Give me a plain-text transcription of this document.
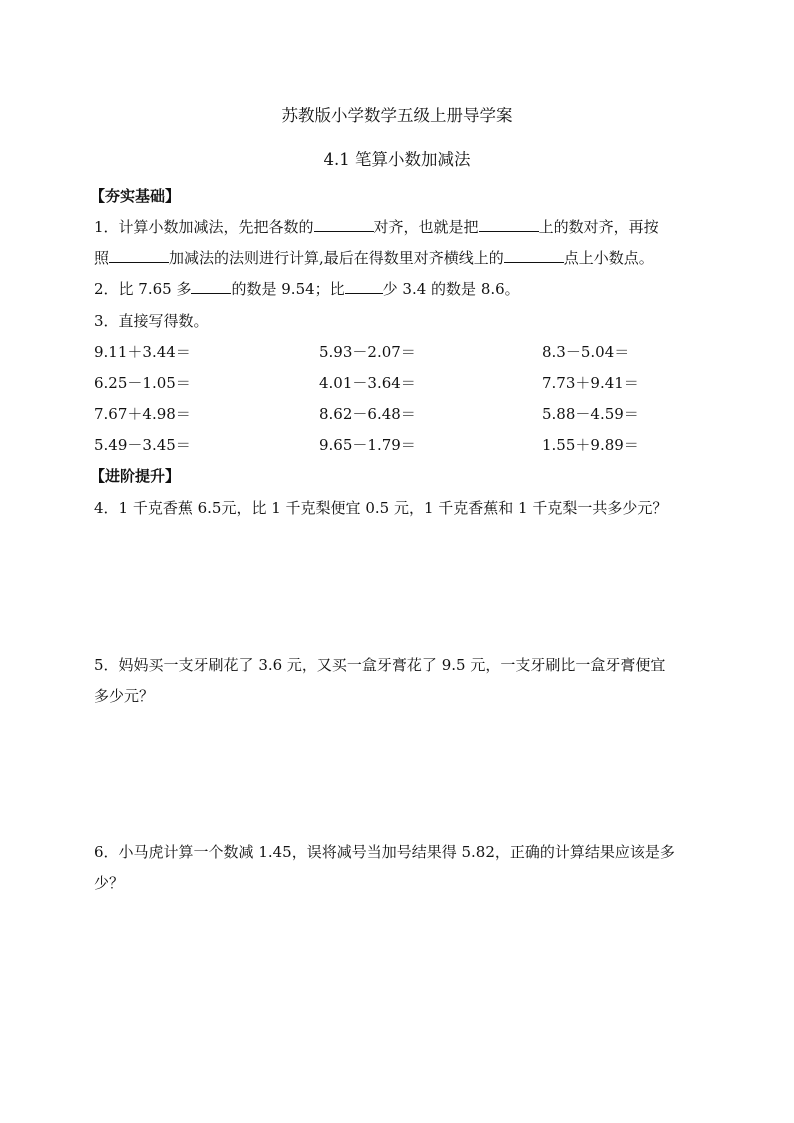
苏教版小学数学五级上册导学案
4.1 笔算小数加减法
【夯实基础】
1．计算小数加减法，先把各数的	对齐，也就是把	上的数对齐，再按
照	加减法的法则进行计算,最后在得数里对齐横线上的	点上小数点。
2．比 7.65 多	的数是 9.54；比	少 3.4 的数是 8.6。
3．直接写得数。
9.11＋3.44＝	5.93－2.07＝	8.3－5.04＝
6.25－1.05＝	4.01－3.64＝	7.73＋9.41＝
7.67＋4.98＝	8.62－6.48＝	5.88－4.59＝
5.49－3.45＝	9.65－1.79＝	1.55＋9.89＝
【进阶提升】
4．1 千克香蕉 6.5元，比 1 千克梨便宜 0.5 元，1 千克香蕉和 1 千克梨一共多少元？
5．妈妈买一支牙刷花了 3.6 元，又买一盒牙膏花了 9.5 元，一支牙刷比一盒牙膏便宜
多少元？
6．小马虎计算一个数减 1.45，误将减号当加号结果得 5.82，正确的计算结果应该是多
少？
